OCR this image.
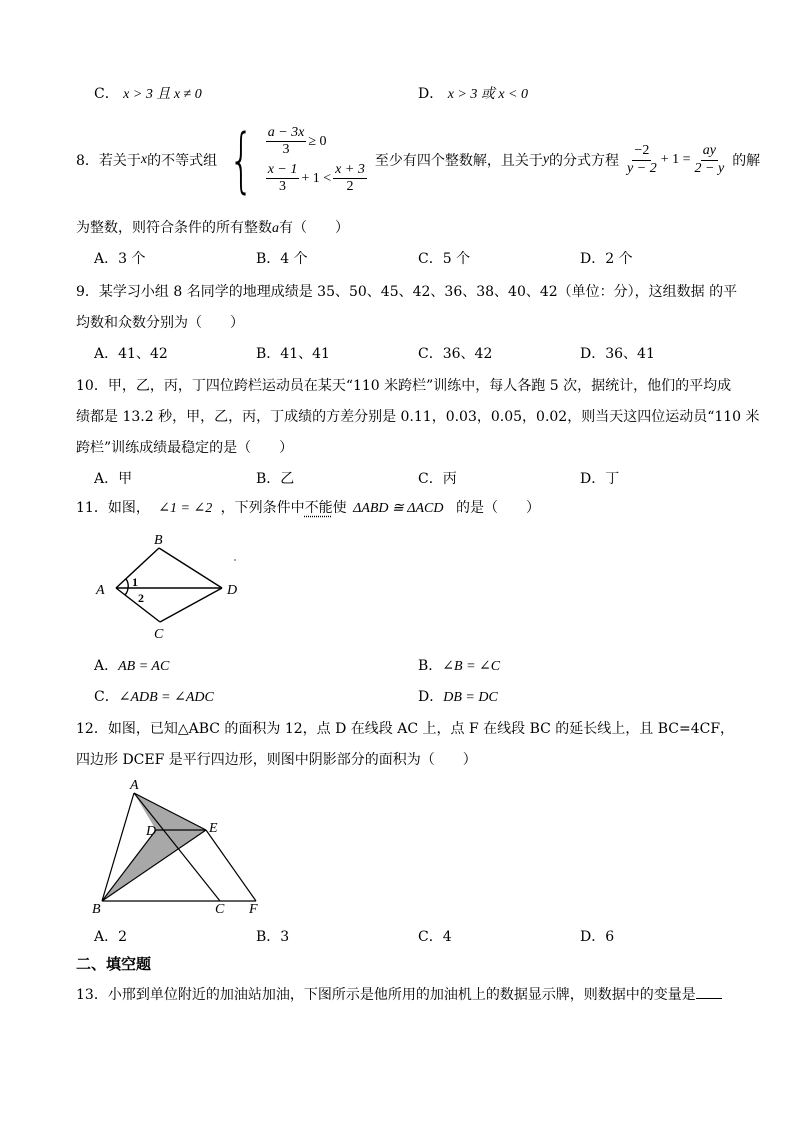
C． x > 3 且 x ≠ 0	D． x > 3 或 x < 0
8． 若关于 x 的不等式组 { $\frac{a - 3x}{3} \ge 0$
$\frac{x - 1}{3} + 1 < \frac{x + 3}{2}$
至少有四个整数解，且关于 y 的分式方程 $\frac{-2}{y - 2} + 1 = \frac{ay}{2 - y}$ 的解
为整数，则符合条件的所有整数a有（　　）
A．3 个	B．4 个	C．5 个	D．2 个
9．某学习小组 8 名同学的地理成绩是 35、50、45、42、36、38、40、42（单位：分），这组数据 的平
均数和众数分别为（　　）
A．41、42	B．41、41	C．36、42	D．36、41
10．甲，乙，丙，丁四位跨栏运动员在某天“110 米跨栏”训练中，每人各跑 5 次，据统计，他们的平均成
绩都是 13.2 秒，甲，乙，丙，丁成绩的方差分别是 0.11，0.03，0.05，0.02，则当天这四位运动员“110 米
跨栏”训练成绩最稳定的是（　　）
A．甲	B．乙	C．丙	D．丁
11．如图， ∠1 = ∠2 ，下列条件中不能使 ΔABD ≅ ΔACD 的是（　　）
B
A	D
C
1
2
A．AB = AC	B．∠B = ∠C
C．∠ADB = ∠ADC	D．DB = DC
12．如图，已知△ABC 的面积为 12，点 D 在线段 AC 上，点 F 在线段 BC 的延长线上，且 BC=4CF，
四边形 DCEF 是平行四边形，则图中阴影部分的面积为（　　）
A
D	E
B	C F
A．2	B．3	C．4	D．6
二、填空题
13．小邢到单位附近的加油站加油，下图所示是他所用的加油机上的数据显示牌，则数据中的变量是
